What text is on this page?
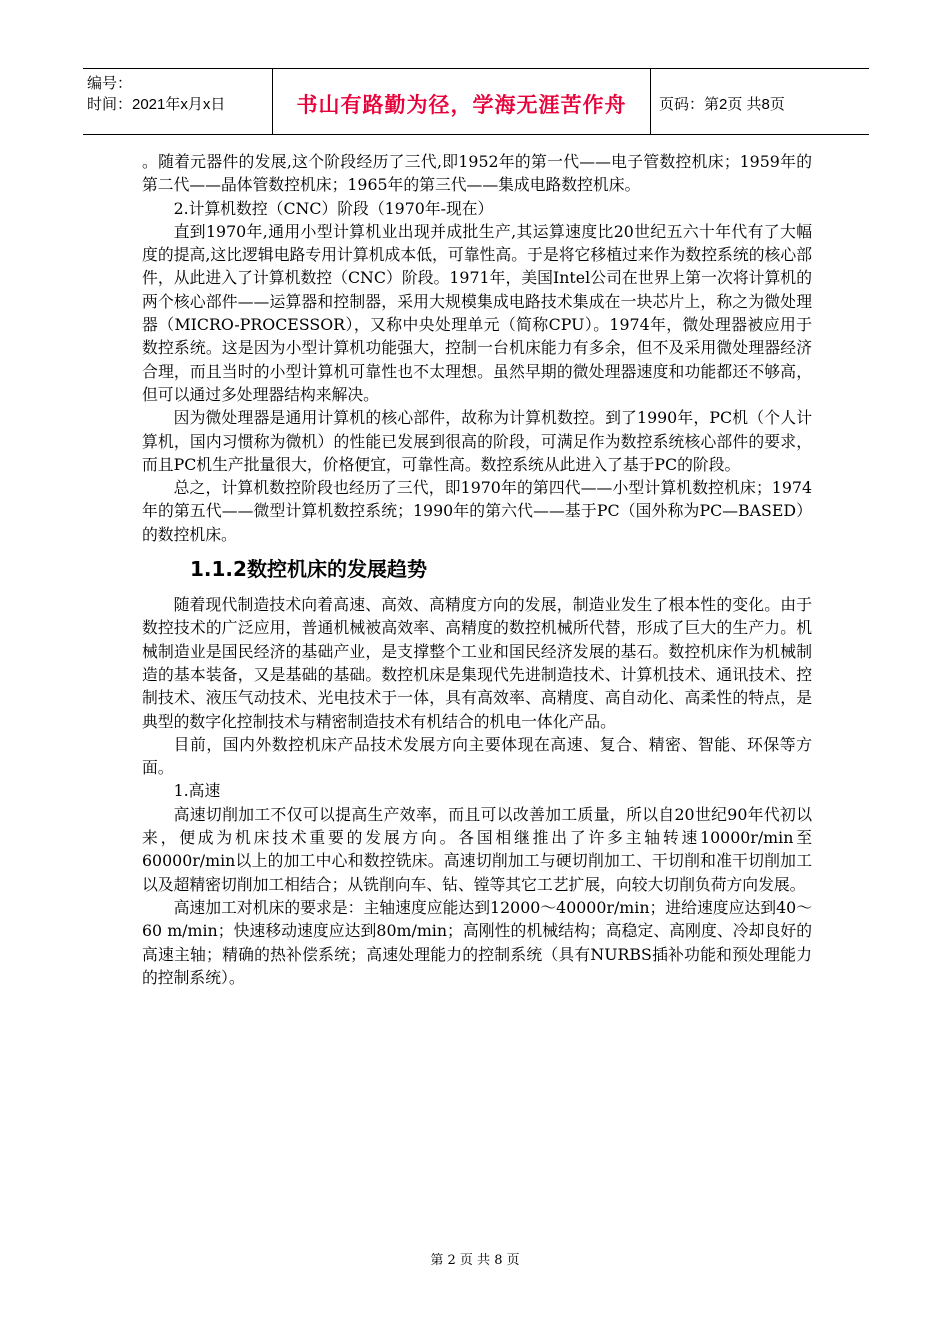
编号：
时间：2021年x月x日	书山有路勤为径，学海无涯苦作舟 页码：第2页 共8页

。随着元器件的发展,这个阶段经历了三代,即1952年的第一代——电子管数控机床；1959年的第二代——晶体管数控机床；1965年的第三代——集成电路数控机床。

2.计算机数控（CNC）阶段（1970年-现在）

直到1970年,通用小型计算机业出现并成批生产,其运算速度比20世纪五六十年代有了大幅度的提高,这比逻辑电路专用计算机成本低，可靠性高。于是将它移植过来作为数控系统的核心部件，从此进入了计算机数控（CNC）阶段。1971年，美国Intel公司在世界上第一次将计算机的两个核心部件——运算器和控制器，采用大规模集成电路技术集成在一块芯片上，称之为微处理器（MICRO-PROCESSOR），又称中央处理单元（简称CPU）。1974年，微处理器被应用于数控系统。这是因为小型计算机功能强大，控制一台机床能力有多余，但不及采用微处理器经济合理，而且当时的小型计算机可靠性也不太理想。虽然早期的微处理器速度和功能都还不够高，但可以通过多处理器结构来解决。

因为微处理器是通用计算机的核心部件，故称为计算机数控。到了1990年，PC机（个人计算机，国内习惯称为微机）的性能已发展到很高的阶段，可满足作为数控系统核心部件的要求，而且PC机生产批量很大，价格便宜，可靠性高。数控系统从此进入了基于PC的阶段。

总之，计算机数控阶段也经历了三代，即1970年的第四代——小型计算机数控机床；1974年的第五代——微型计算机数控系统；1990年的第六代——基于PC（国外称为PC—BASED）的数控机床。

1.1.2数控机床的发展趋势

随着现代制造技术向着高速、高效、高精度方向的发展，制造业发生了根本性的变化。由于数控技术的广泛应用，普通机械被高效率、高精度的数控机械所代替，形成了巨大的生产力。机械制造业是国民经济的基础产业，是支撑整个工业和国民经济发展的基石。数控机床作为机械制造的基本装备，又是基础的基础。数控机床是集现代先进制造技术、计算机技术、通讯技术、控制技术、液压气动技术、光电技术于一体，具有高效率、高精度、高自动化、高柔性的特点，是典型的数字化控制技术与精密制造技术有机结合的机电一体化产品。

目前，国内外数控机床产品技术发展方向主要体现在高速、复合、精密、智能、环保等方面。

1.高速

高速切削加工不仅可以提高生产效率，而且可以改善加工质量，所以自20世纪90年代初以来，便成为机床技术重要的发展方向。各国相继推出了许多主轴转速10000r/min至60000r/min以上的加工中心和数控铣床。高速切削加工与硬切削加工、干切削和准干切削加工以及超精密切削加工相结合；从铣削向车、钻、镗等其它工艺扩展，向较大切削负荷方向发展。

高速加工对机床的要求是：主轴速度应能达到12000～40000r/min；进给速度应达到40～60 m/min；快速移动速度应达到80m/min；高刚性的机械结构；高稳定、高刚度、冷却良好的高速主轴；精确的热补偿系统；高速处理能力的控制系统（具有NURBS插补功能和预处理能力的控制系统）。

第 2 页 共 8 页
